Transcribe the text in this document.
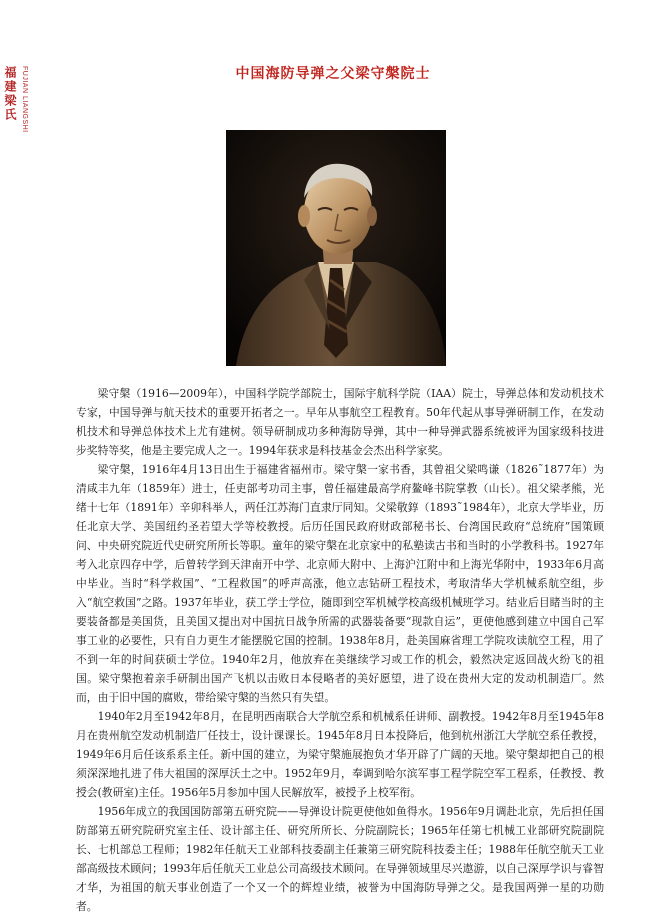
福建梁氏 FUJIAN LIANGSHI	中国海防导弹之父梁守槃院士

梁守槃（1916—2009年），中国科学院学部院士，国际宇航科学院（IAA）院士，导弹总体和发动机技术专家，中国导弹与航天技术的重要开拓者之一。早年从事航空工程教育。50年代起从事导弹研制工作，在发动机技术和导弹总体技术上尤有建树。领导研制成功多种海防导弹，其中一种导弹武器系统被评为国家级科技进步奖特等奖，他是主要完成人之一。1994年获求是科技基金会杰出科学家奖。

梁守槃，1916年4月13日出生于福建省福州市。梁守槃一家书香，其曾祖父梁鸣谦（1826˜1877年）为清咸丰九年（1859年）进士，任吏部考功司主事，曾任福建最高学府鳌峰书院掌教（山长）。祖父梁孝熊，光绪十七年（1891年）辛卯科举人，两任江苏海门直隶厅同知。父梁敬錞（1893˜1984年），北京大学毕业，历任北京大学、美国纽约圣若望大学等校教授。后历任国民政府财政部秘书长、台湾国民政府“总统府”国策顾问、中央研究院近代史研究所所长等职。童年的梁守槃在北京家中的私塾读古书和当时的小学教科书。1927年考入北京四存中学，后曾转学到天津南开中学、北京师大附中、上海沪江附中和上海光华附中，1933年6月高中毕业。当时“科学救国”、“工程救国”的呼声高涨，他立志钻研工程技术，考取清华大学机械系航空组，步入“航空救国”之路。1937年毕业，获工学士学位，随即到空军机械学校高级机械班学习。结业后目睹当时的主要装备都是美国货，且美国又提出对中国抗日战争所需的武器装备要“现款自运”，更使他感到建立中国自己军事工业的必要性，只有自力更生才能摆脱它国的控制。1938年8月，赴美国麻省理工学院攻读航空工程，用了不到一年的时间获硕士学位。1940年2月，他放弃在美继续学习或工作的机会，毅然决定返回战火纷飞的祖国。梁守槃抱着亲手研制出国产飞机以击败日本侵略者的美好愿望，进了设在贵州大定的发动机制造厂。然而，由于旧中国的腐败，带给梁守槃的当然只有失望。

1940年2月至1942年8月，在昆明西南联合大学航空系和机械系任讲师、副教授。1942年8月至1945年8月在贵州航空发动机制造厂任技士，设计课课长。1945年8月日本投降后，他到杭州浙江大学航空系任教授，1949年6月后任该系系主任。新中国的建立，为梁守槃施展抱负才华开辟了广阔的天地。梁守槃却把自己的根须深深地扎进了伟大祖国的深厚沃土之中。1952年9月，奉调到哈尔滨军事工程学院空军工程系，任教授、教授会(教研室)主任。1956年5月参加中国人民解放军，被授予上校军衔。

1956年成立的我国国防部第五研究院——导弹设计院更使他如鱼得水。1956年9月调赴北京，先后担任国防部第五研究院研究室主任、设计部主任、研究所所长、分院副院长；1965年任第七机械工业部研究院副院长、七机部总工程师；1982年任航天工业部科技委副主任兼第三研究院科技委主任；1988年任航空航天工业部高级技术顾问；1993年后任航天工业总公司高级技术顾问。在导弹领域里尽兴遨游，以自己深厚学识与睿智才华，为祖国的航天事业创造了一个又一个的辉煌业绩，被誉为中国海防导弹之父。是我国两弹一星的功勋者。
